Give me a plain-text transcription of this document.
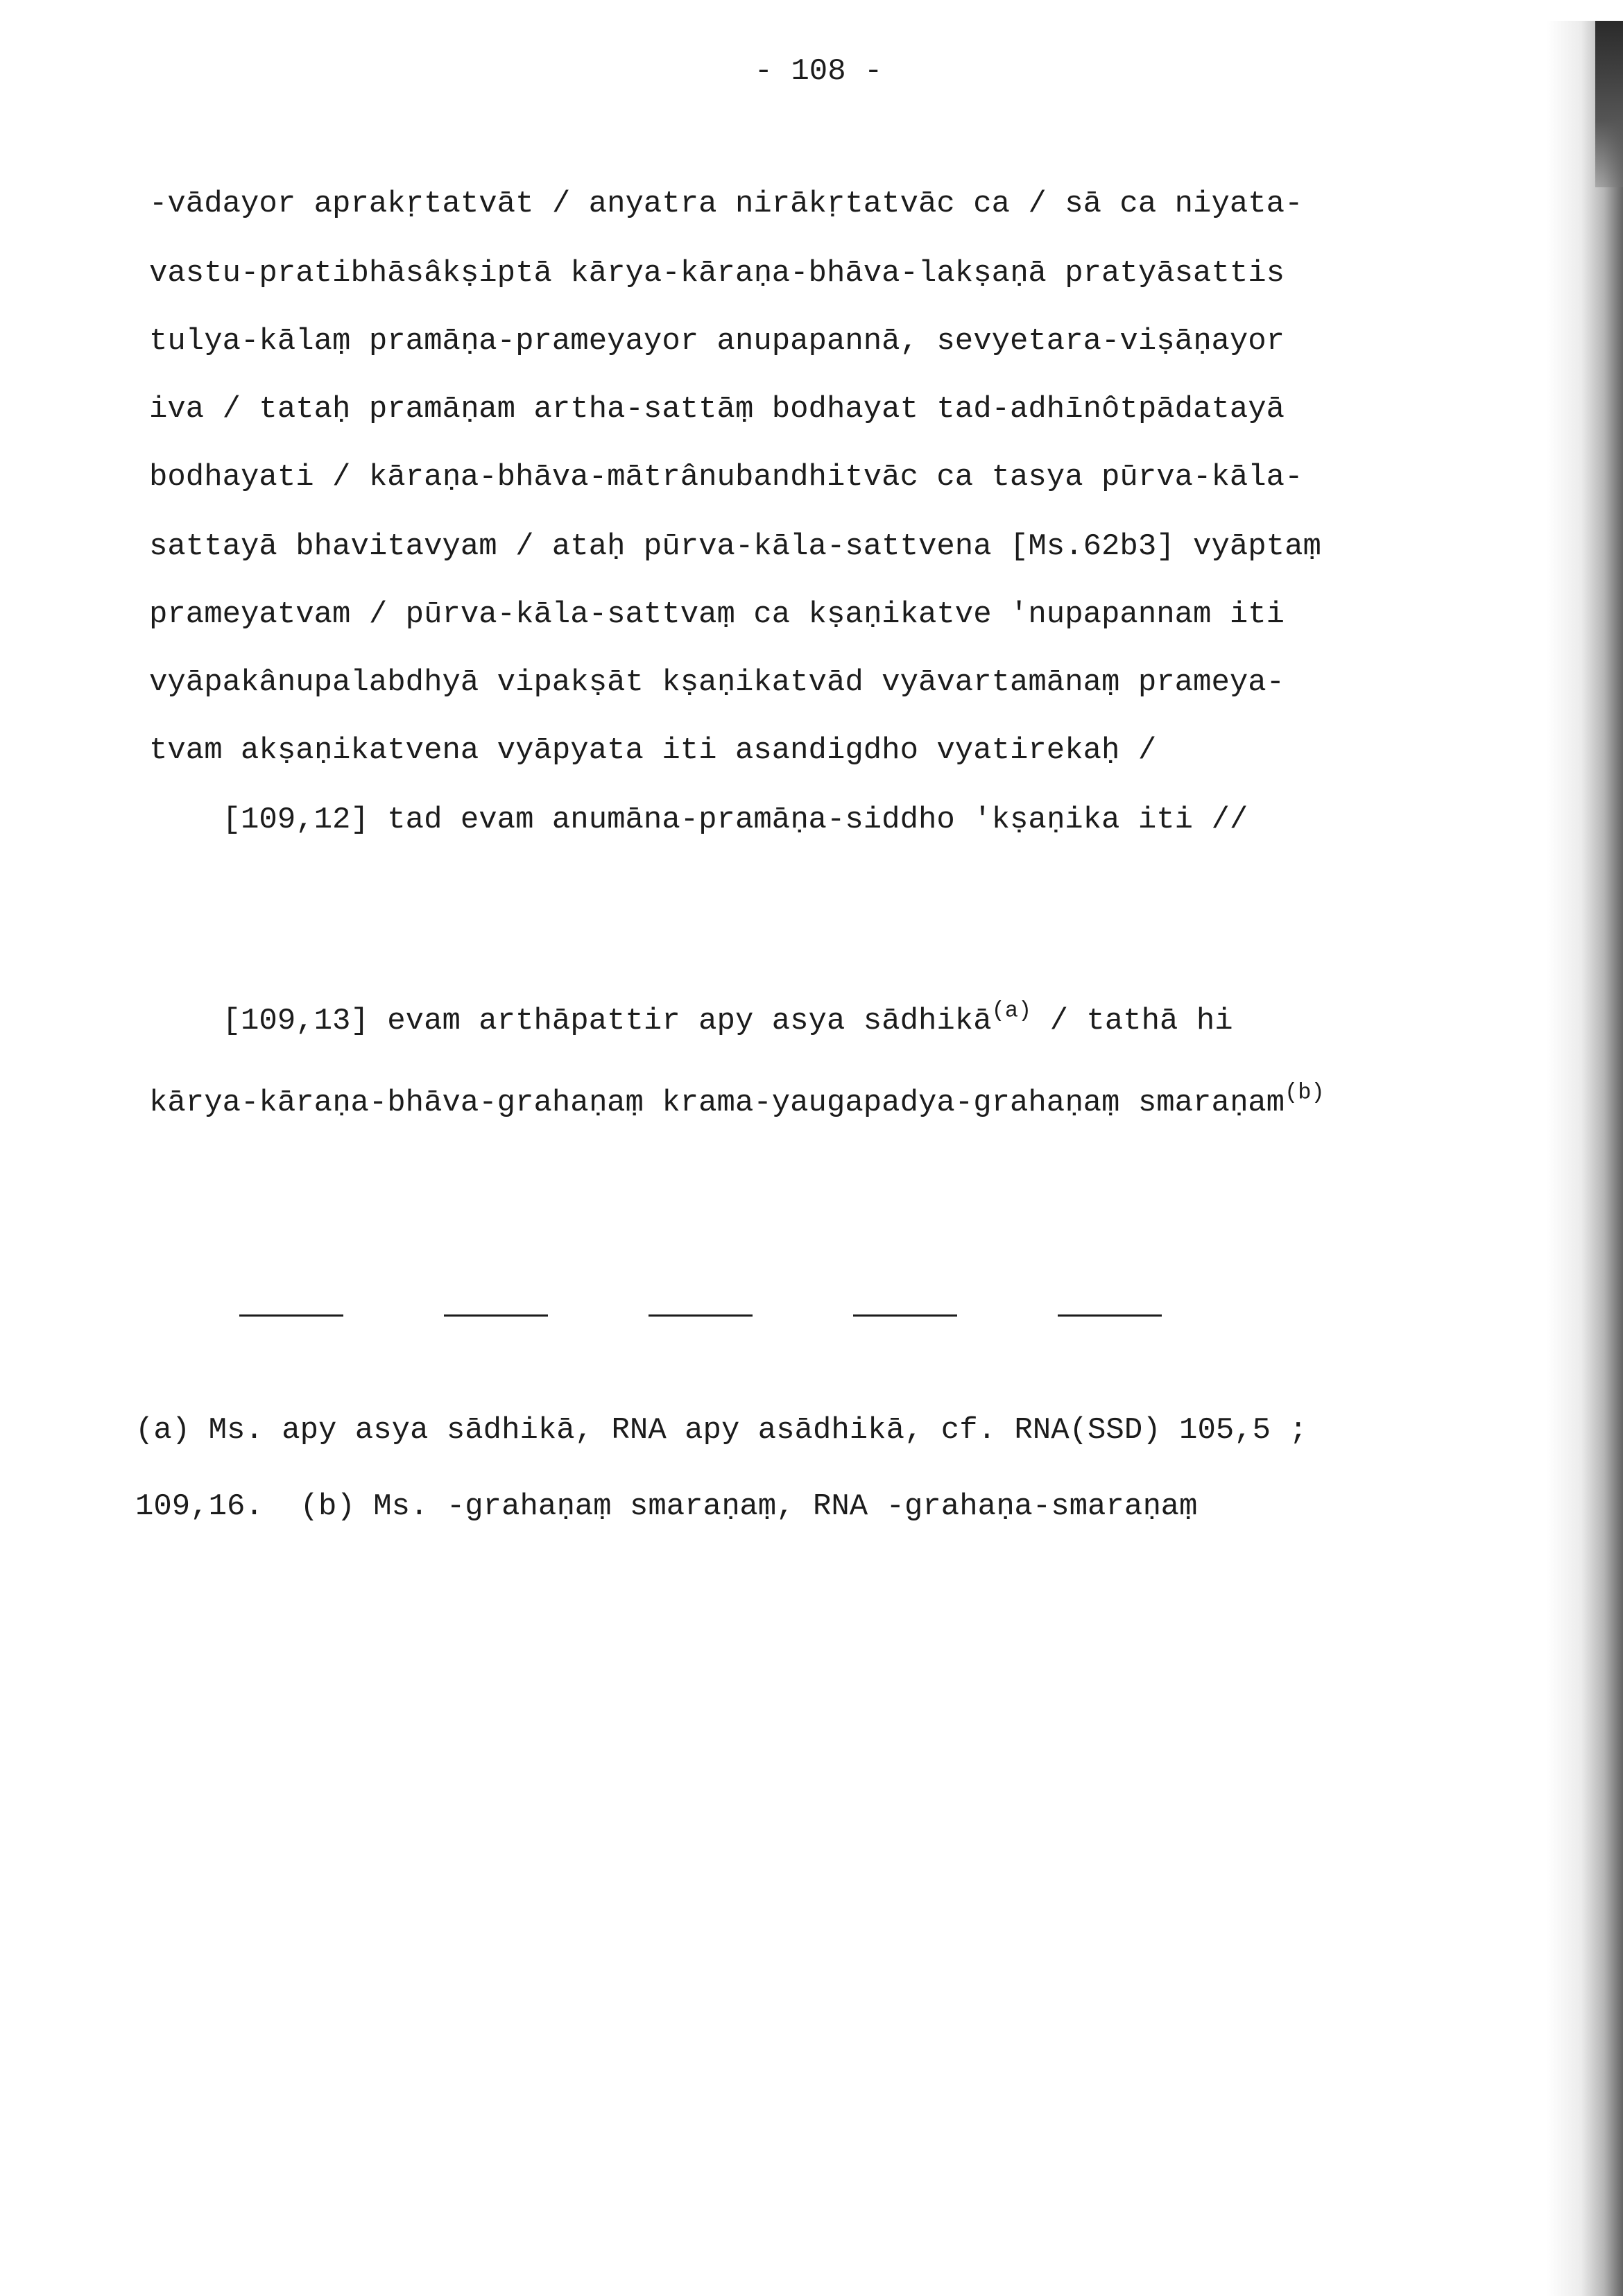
- 108 -
-vādayor aprakṛtatvāt / anyatra nirākṛtatvāc ca / sā ca niyata-
vastu-pratibhāsâkṣiptā kārya-kāraṇa-bhāva-lakṣaṇā pratyāsattis
tulya-kālaṃ pramāṇa-prameyayor anupapannā, sevyetara-viṣāṇayor
iva / tataḥ pramāṇam artha-sattāṃ bodhayat tad-adhīnôtpādatayā
bodhayati / kāraṇa-bhāva-mātrânubandhitvāc ca tasya pūrva-kāla-
sattayā bhavitavyam / ataḥ pūrva-kāla-sattvena [Ms.62b3] vyāptaṃ
prameyatvam / pūrva-kāla-sattvaṃ ca kṣaṇikatve 'nupapannam iti
vyāpakânupalabdhyā vipakṣāt kṣaṇikatvād vyāvartamānaṃ prameya-
tvam akṣaṇikatvena vyāpyata iti asandigdho vyatirekaḥ /
[109,12] tad evam anumāna-pramāṇa-siddho 'kṣaṇika iti //
[109,13] evam arthāpattir apy asya sādhikā$^{(a)}$ / tathā hi
kārya-kāraṇa-bhāva-grahaṇaṃ krama-yaugapadya-grahaṇaṃ smaraṇam$^{(b)}$
(a) Ms. apy asya sādhikā, RNA apy asādhikā, cf. RNA(SSD) 105,5 ;
109,16.  (b) Ms. -grahaṇaṃ smaraṇaṃ, RNA -grahaṇa-smaraṇaṃ
